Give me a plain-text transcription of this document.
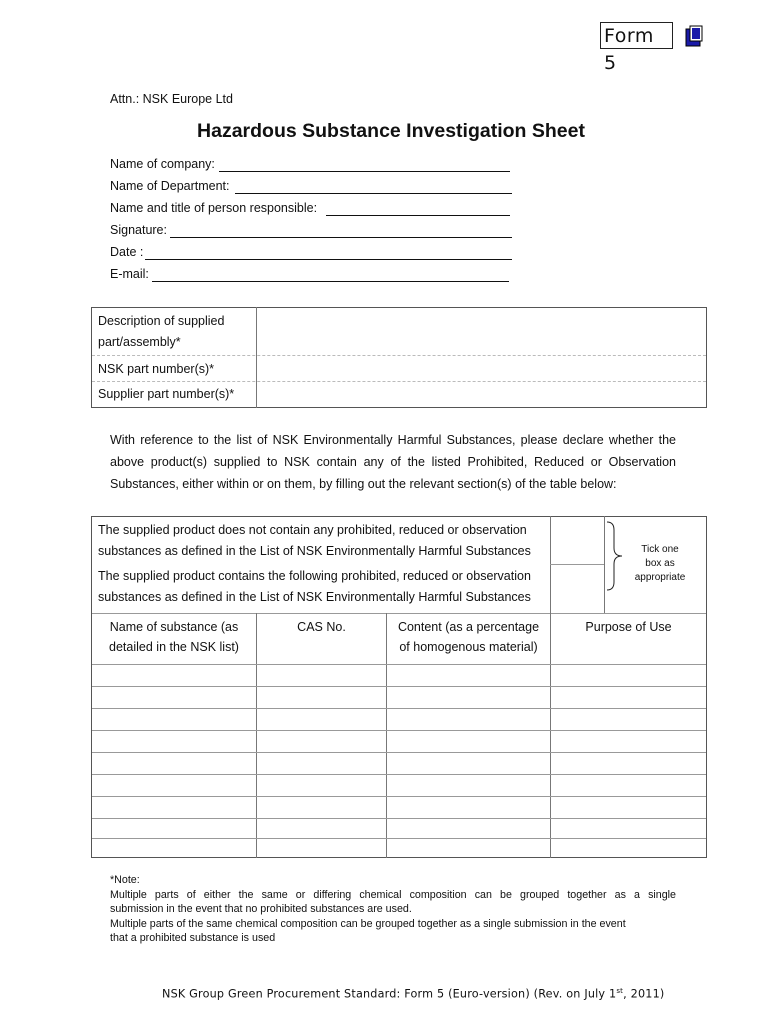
Form 5
Attn.: NSK Europe Ltd
Hazardous Substance Investigation Sheet
Name of company:
Name of Department:
Name and title of person responsible:
Signature:
Date :
E-mail:
Description of supplied
part/assembly*
NSK part number(s)*
Supplier part number(s)*
With reference to the list of NSK Environmentally Harmful Substances, please declare whether the
above product(s) supplied to NSK contain any of the listed Prohibited, Reduced or Observation
Substances, either within or on them, by filling out the relevant section(s) of the table below:
The supplied product does not contain any prohibited, reduced or observation
substances as defined in the List of NSK Environmentally Harmful Substances
The supplied product contains the following prohibited, reduced or observation
substances as defined in the List of NSK Environmentally Harmful Substances
Tick one
box as
appropriate
Name of substance (as
detailed in the NSK list)
CAS No.	Content (as a percentage
of homogenous material)
Purpose of Use
*Note:
Multiple parts of either the same or differing chemical composition can be grouped together as a single
submission in the event that no prohibited substances are used.
Multiple parts of the same chemical composition can be grouped together as a single submission in the event
that a prohibited substance is used
NSK Group Green Procurement Standard: Form 5 (Euro-version) (Rev. on July 1st, 2011)
